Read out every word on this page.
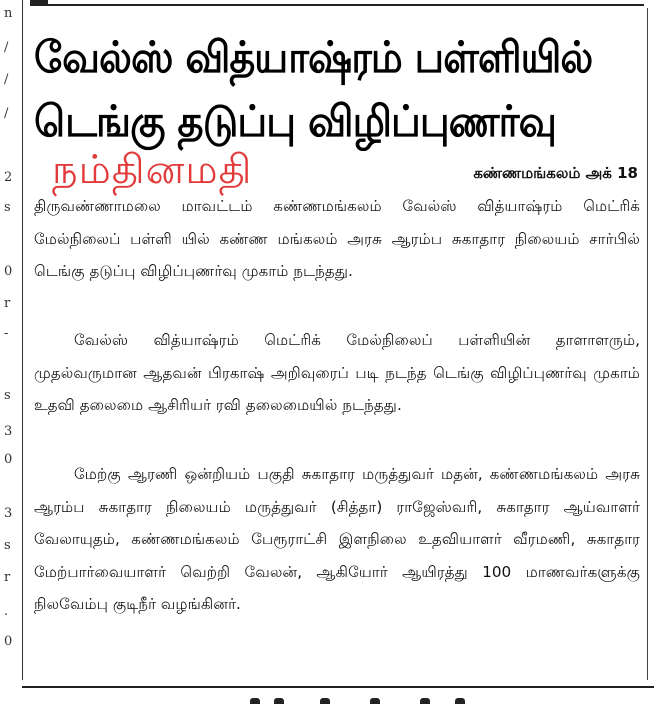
n
/
/
/
2
s
0
r
-
s
3
0
3
s
r
.
0
வேல்ஸ் வித்யாஷ்ரம் பள்ளியில்
டெங்கு தடுப்பு விழிப்புணர்வு
நம்தினமதி	கண்ணமங்கலம் அக் 18

திருவண்ணாமலை மாவட்டம் கண்ணமங்கலம் வேல்ஸ் வித்யாஷ்ரம் மெட்ரிக் மேல்நிலைப் பள்ளி யில் கண்ண மங்கலம் அரசு ஆரம்ப சுகாதார நிலையம் சார்பில் டெங்கு தடுப்பு விழிப்புணர்வு முகாம் நடந்தது.

வேல்ஸ் வித்யாஷ்ரம் மெட்ரிக் மேல்நிலைப் பள்ளியின் தாளாளரும், முதல்வருமான ஆதவன் பிரகாஷ் அறிவுரைப் படி நடந்த டெங்கு விழிப்புணர்வு முகாம் உதவி தலைமை ஆசிரியர் ரவி தலைமையில் நடந்தது.

மேற்கு ஆரணி ஒன்றியம் பகுதி சுகாதார மருத்துவர் மதன், கண்ணமங்கலம் அரசு ஆரம்ப சுகாதார நிலையம் மருத்துவர் (சித்தா) ராஜேஸ்வரி, சுகாதார ஆய்வாளர் வேலாயுதம், கண்ணமங்கலம் பேரூராட்சி இளநிலை உதவியாளர் வீரமணி, சுகாதார மேற்பார்வையாளர் வெற்றி வேலன், ஆகியோர் ஆயிரத்து 100 மாணவர்களுக்கு நிலவேம்பு குடிநீர் வழங்கினர்.
